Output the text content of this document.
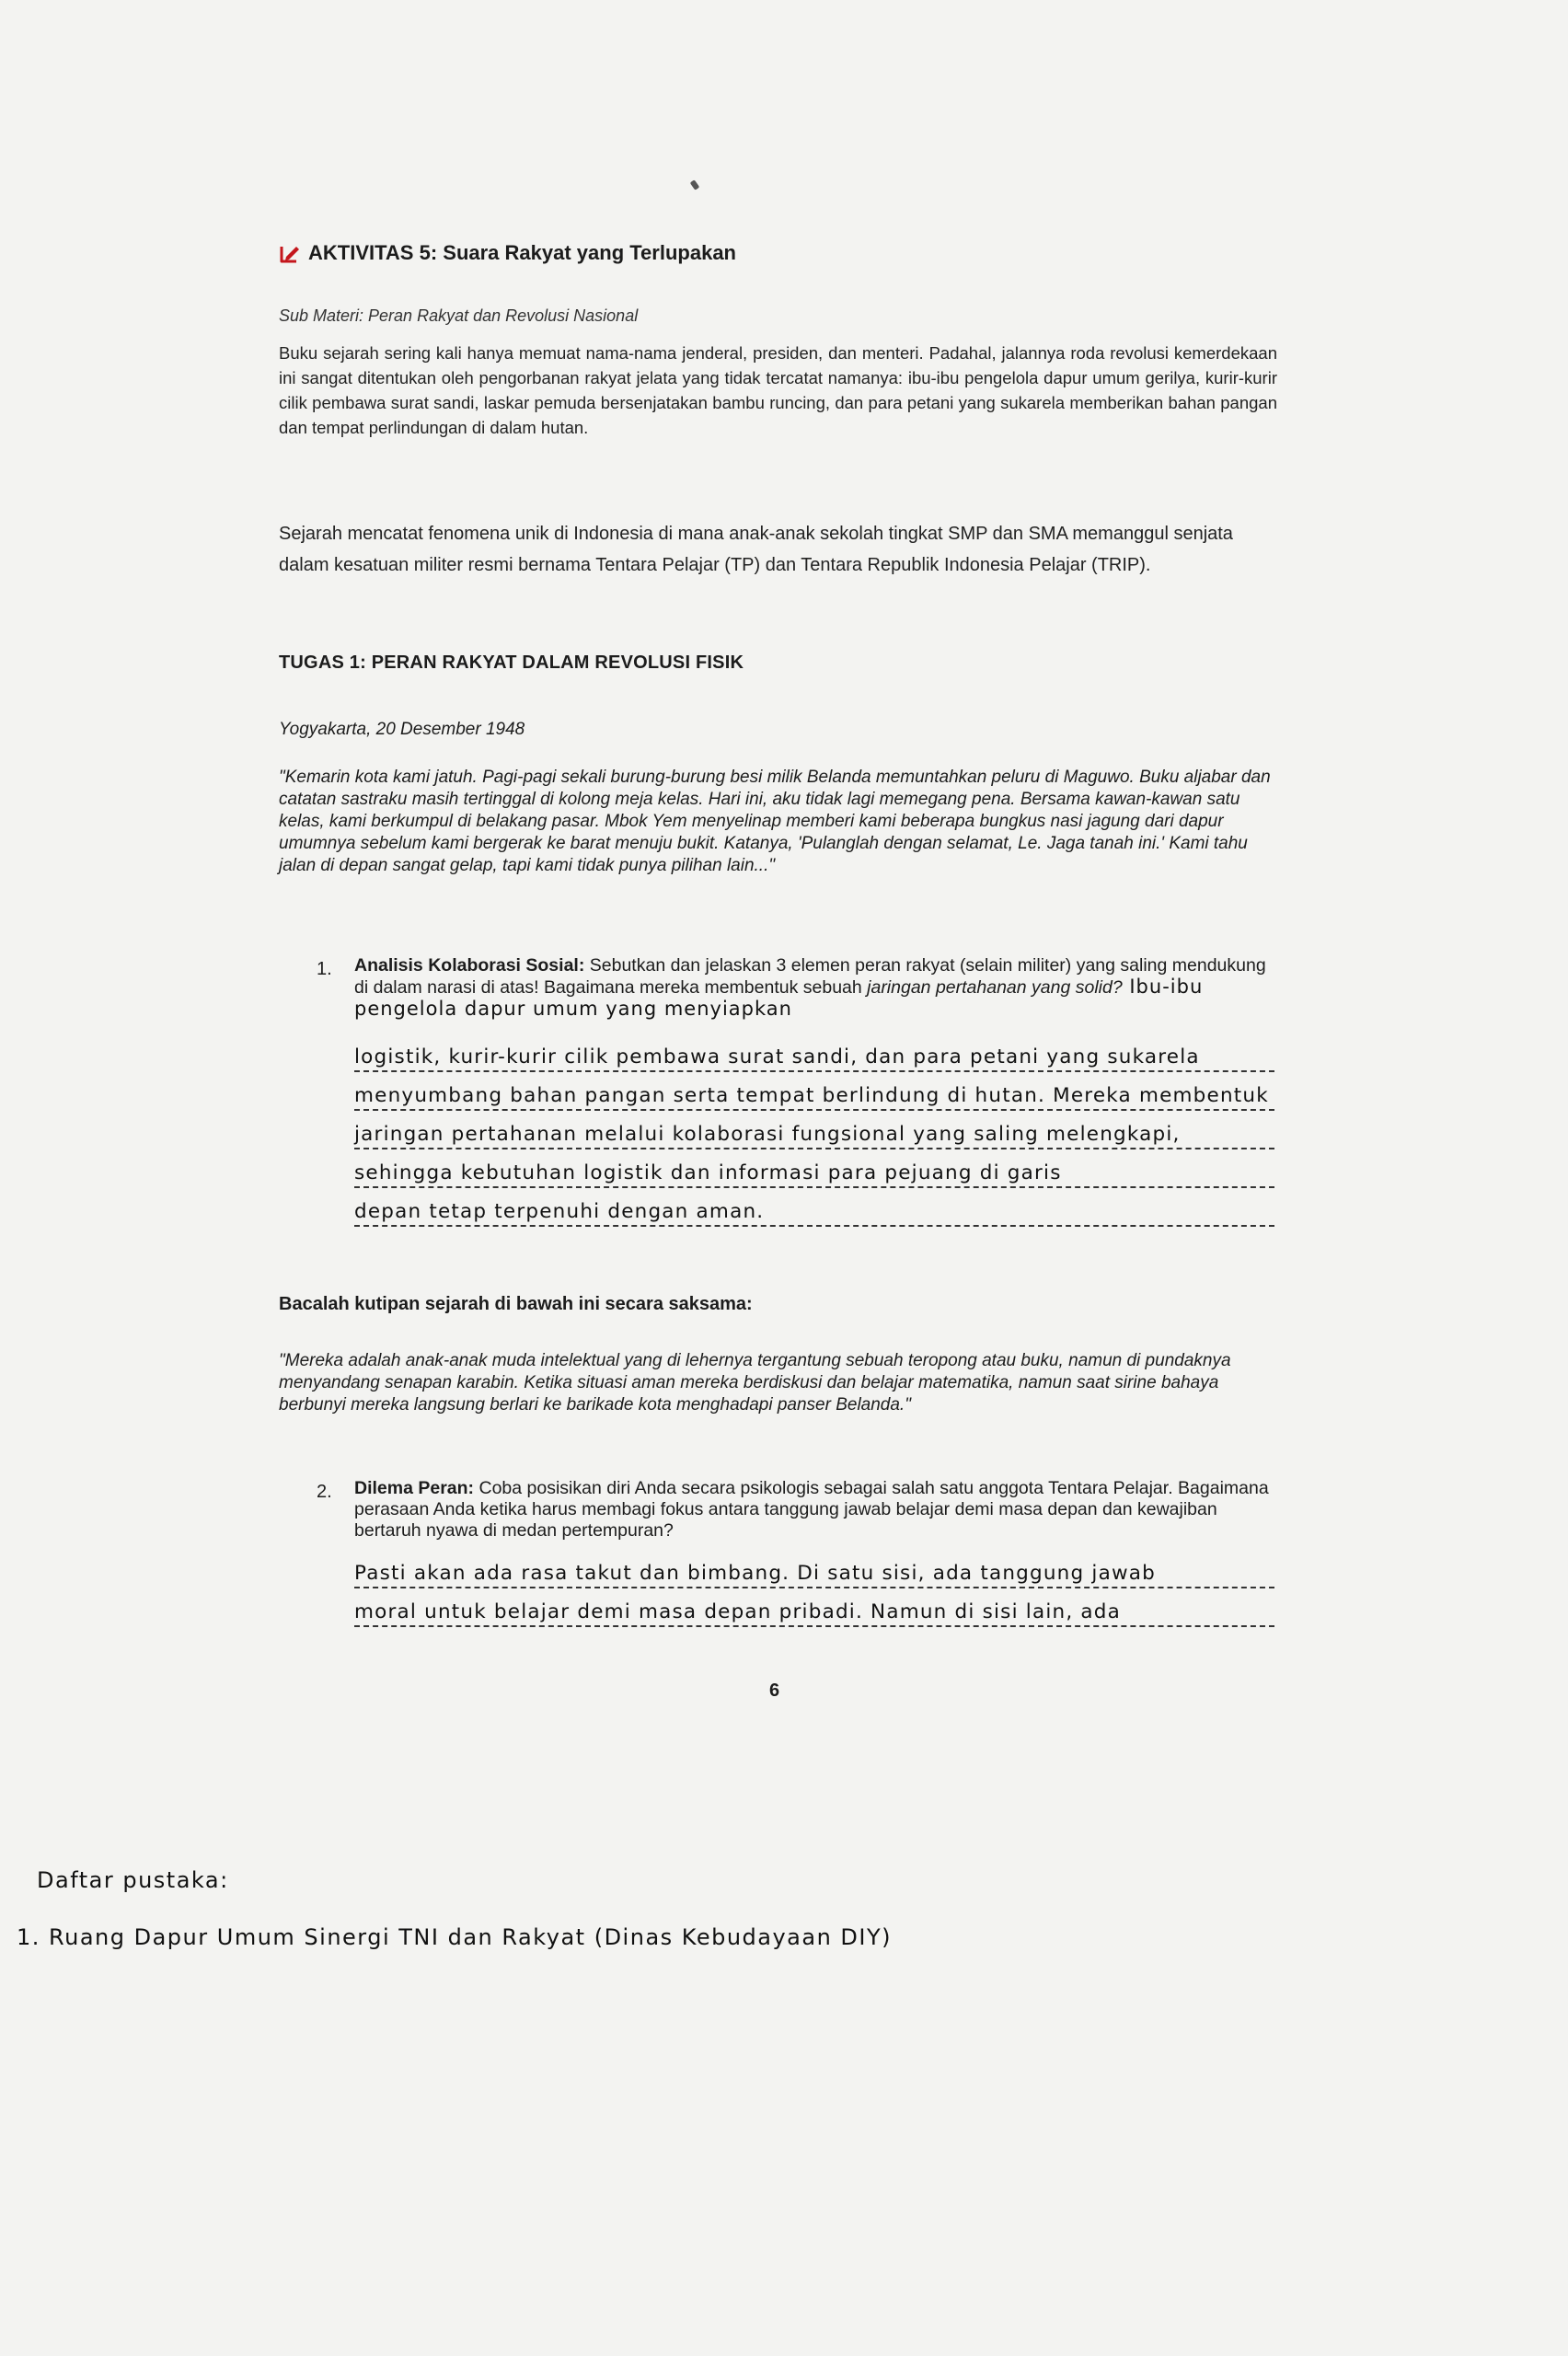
AKTIVITAS 5: Suara Rakyat yang Terlupakan
Sub Materi: Peran Rakyat dan Revolusi Nasional
Buku sejarah sering kali hanya memuat nama-nama jenderal, presiden, dan menteri. Padahal, jalannya roda revolusi kemerdekaan ini sangat ditentukan oleh pengorbanan rakyat jelata yang tidak tercatat namanya: ibu-ibu pengelola dapur umum gerilya, kurir-kurir cilik pembawa surat sandi, laskar pemuda bersenjatakan bambu runcing, dan para petani yang sukarela memberikan bahan pangan dan tempat perlindungan di dalam hutan.
Sejarah mencatat fenomena unik di Indonesia di mana anak-anak sekolah tingkat SMP dan SMA memanggul senjata dalam kesatuan militer resmi bernama Tentara Pelajar (TP) dan Tentara Republik Indonesia Pelajar (TRIP).
TUGAS 1: PERAN RAKYAT DALAM REVOLUSI FISIK
Yogyakarta, 20 Desember 1948
"Kemarin kota kami jatuh. Pagi-pagi sekali burung-burung besi milik Belanda memuntahkan peluru di Maguwo. Buku aljabar dan catatan sastraku masih tertinggal di kolong meja kelas. Hari ini, aku tidak lagi memegang pena. Bersama kawan-kawan satu kelas, kami berkumpul di belakang pasar. Mbok Yem menyelinap memberi kami beberapa bungkus nasi jagung dari dapur umumnya sebelum kami bergerak ke barat menuju bukit. Katanya, 'Pulanglah dengan selamat, Le. Jaga tanah ini.' Kami tahu jalan di depan sangat gelap, tapi kami tidak punya pilihan lain..."
1. Analisis Kolaborasi Sosial: Sebutkan dan jelaskan 3 elemen peran rakyat (selain militer) yang saling mendukung di dalam narasi di atas! Bagaimana mereka membentuk sebuah jaringan pertahanan yang solid? Ibu-ibu pengelola dapur umum yang menyiapkan
logistik, kurir-kurir cilik pembawa surat sandi, dan para petani yang sukarela
menyumbang bahan pangan serta tempat berlindung di hutan. Mereka membentuk
jaringan pertahanan melalui kolaborasi fungsional yang saling melengkapi,
sehingga kebutuhan logistik dan informasi para pejuang di garis
depan tetap terpenuhi dengan aman.
Bacalah kutipan sejarah di bawah ini secara saksama:
"Mereka adalah anak-anak muda intelektual yang di lehernya tergantung sebuah teropong atau buku, namun di pundaknya menyandang senapan karabin. Ketika situasi aman mereka berdiskusi dan belajar matematika, namun saat sirine bahaya berbunyi mereka langsung berlari ke barikade kota menghadapi panser Belanda."
2. Dilema Peran: Coba posisikan diri Anda secara psikologis sebagai salah satu anggota Tentara Pelajar. Bagaimana perasaan Anda ketika harus membagi fokus antara tanggung jawab belajar demi masa depan dan kewajiban bertaruh nyawa di medan pertempuran?
Pasti akan ada rasa takut dan bimbang. Di satu sisi, ada tanggung jawab
moral untuk belajar demi masa depan pribadi. Namun di sisi lain, ada
6
Daftar pustaka:
1. Ruang Dapur Umum Sinergi TNI dan Rakyat (Dinas Kebudayaan DIY)
